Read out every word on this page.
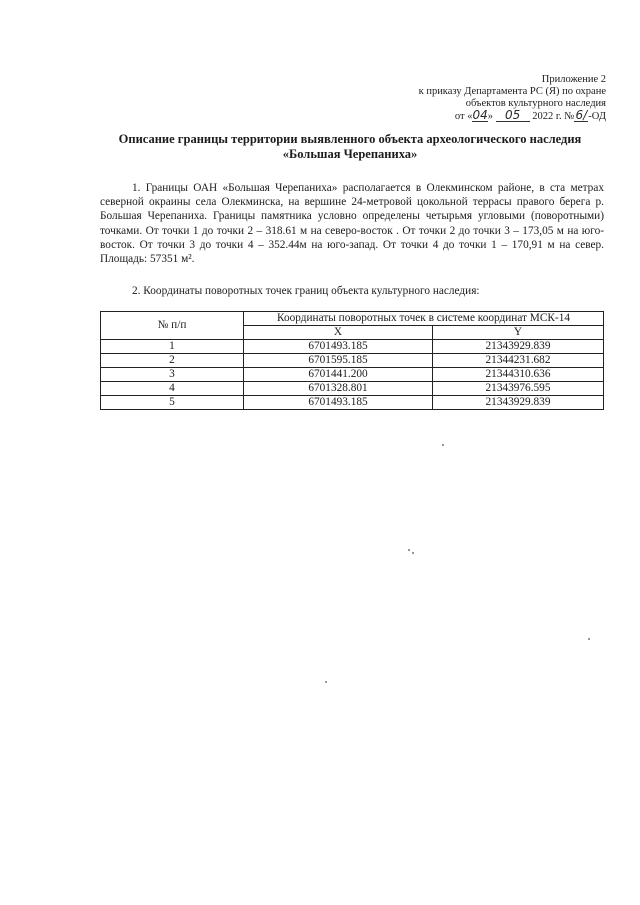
Приложение 2
к приказу Департамента РС (Я) по охране
объектов культурного наследия
от «04» 05 2022 г. №6/-ОД
Описание границы территории выявленного объекта археологического наследия
«Большая Черепаниха»

1. Границы ОАН «Большая Черепаниха» располагается в Олекминском районе, в ста метрах северной окраины села Олекминска, на вершине 24-метровой цокольной террасы правого берега р. Большая Черепаниха. Границы памятника условно определены четырьмя угловыми (поворотными) точками. От точки 1 до точки 2 – 318.61 м на северо-восток . От точки 2 до точки 3 – 173,05 м на юго-восток. От точки 3 до точки 4 – 352.44м на юго-запад. От точки 4 до точки 1 – 170,91 м на север. Площадь: 57351 м².

2. Координаты поворотных точек границ объекта культурного наследия:

№ п/п	Координаты поворотных точек в системе координат МСК-14	
	X	Y
1	6701493.185	21343929.839
2	6701595.185	21344231.682
3	6701441.200	21344310.636
4	6701328.801	21343976.595
5	6701493.185	21343929.839
